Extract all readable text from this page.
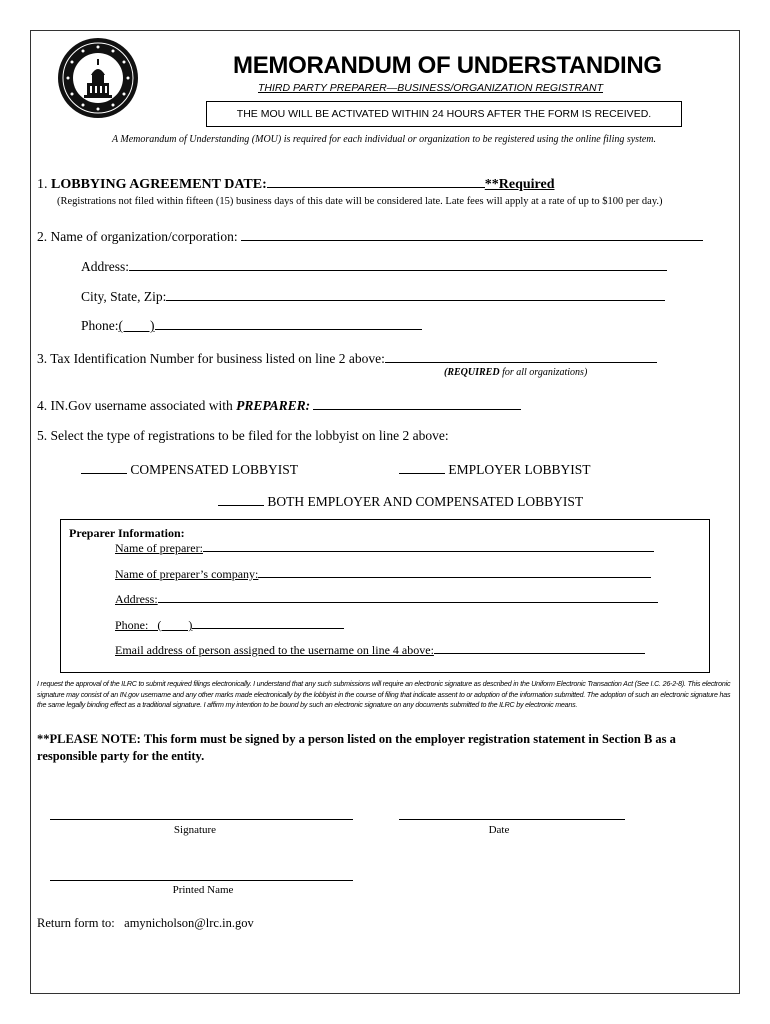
MEMORANDUM OF UNDERSTANDING
THIRD PARTY PREPARER—BUSINESS/ORGANIZATION REGISTRANT
THE MOU WILL BE ACTIVATED WITHIN 24 HOURS AFTER THE FORM IS RECEIVED.
A Memorandum of Understanding (MOU) is required for each individual or organization to be registered using the online filing system.
1. LOBBYING AGREEMENT DATE:	**Required
(Registrations not filed within fifteen (15) business days of this date will be considered late. Late fees will apply at a rate of up to $100 per day.)
2. Name of organization/corporation:
Address:
City, State, Zip:
Phone:(        )
3. Tax Identification Number for business listed on line 2 above:
(REQUIRED for all organizations)
4. IN.Gov username associated with PREPARER:
5. Select the type of registrations to be filed for the lobbyist on line 2 above:
COMPENSATED LOBBYIST	EMPLOYER LOBBYIST
BOTH EMPLOYER AND COMPENSATED LOBBYIST
Preparer Information:
Name of preparer:
Name of preparer’s company:
Address:
Phone:   (         )
Email address of person assigned to the username on line 4 above:
I request the approval of the ILRC to submit required filings electronically. I understand that any such submissions will require an electronic signature as described in the Uniform Electronic Transaction Act (See I.C. 26-2-8). This electronic signature may consist of an IN.gov username and any other marks made electronically by the lobbyist in the course of filing that indicate assent to or adoption of the information submitted. The adoption of such an electronic signature has the same legally binding effect as a traditional signature. I affirm my intention to be bound by such an electronic signature on any documents submitted to the ILRC by electronic means.
**PLEASE NOTE: This form must be signed by a person listed on the employer registration statement in Section B as a responsible party for the entity.
Signature	Date
Printed Name
Return form to: amynicholson@lrc.in.gov
